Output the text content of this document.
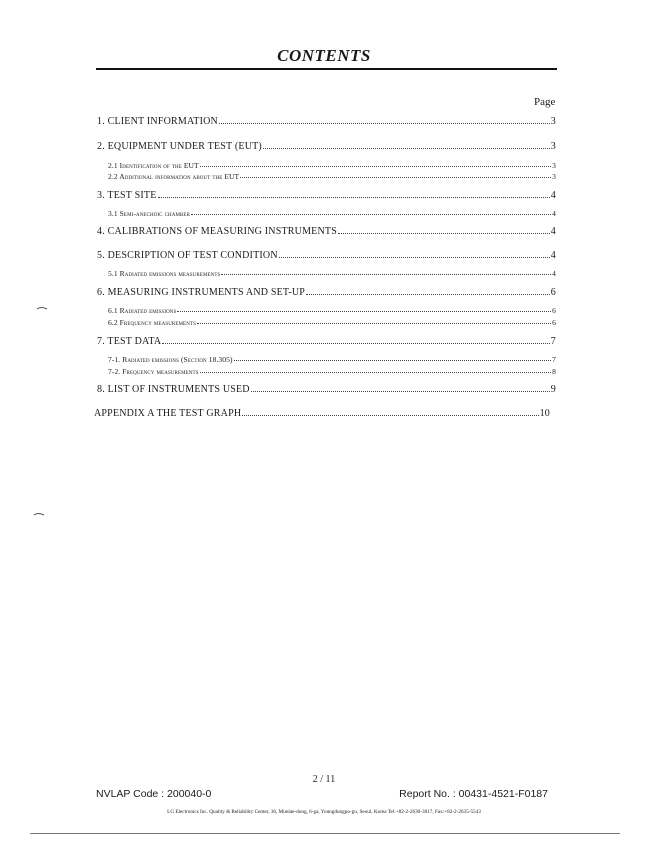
CONTENTS
Page
1. CLIENT INFORMATION	3
2. EQUIPMENT UNDER TEST (EUT)	3
2.1 Identification of the EUT	3
2.2 Additional information about the EUT	3
3. TEST SITE	4
3.1 Semi-anechoic chamber	4
4. CALIBRATIONS OF MEASURING INSTRUMENTS	4
5. DESCRIPTION OF TEST CONDITION	4
5.1 Radiated emissions measurements	4
6. MEASURING INSTRUMENTS AND SET-UP	6
6.1 Radiated emissions	6
6.2 Frequency measurements	6
7. TEST DATA	7
7-1. Radiated emissions (Section 18.305)	7
7-2. Frequency measurements	8
8. LIST OF INSTRUMENTS USED	9
APPENDIX A THE TEST GRAPH	10
2 / 11
NVLAP Code : 200040-0	Report No. : 00431-4521-F0187
LG Electronics Inc. Quality & Reliability Center, 36, Munlae-dong, 6-ga, Youngdungpo-gu, Seoul, Korea Tel:+82-2-2630-3017, Fax:+82-2-2635-5543
